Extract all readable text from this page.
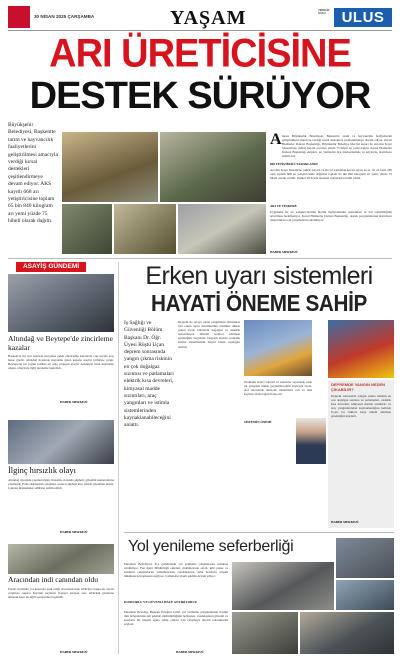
30 NİSAN 2025 ÇARŞAMBA	YAŞAM	YERELİN GÜCÜ	ULUS
ARI ÜRETİCİSİNE
DESTEK SÜRÜYOR
Büyükşehir Belediyesi, Başkentte tarım ve hayvancılık faaliyetlerini geliştirilmesi amacıyla verdiği kırsal destekleri çeşitlendirmeye devam ediyor. AKS kayıtlı 668 arı yetiştiricisine toplam 65 bin 840 kilogram arı yemi yüzde 75 hibeli olarak dağıttı.
A nkara Büyükşehir Belediyesi, Başkent'te tarım ve hayvancılık faaliyetlerini geliştirilmesi amacıyla verdiği kırsal destekleri çeşitlendirmeye devam ediyor. Kırsal Hizmetler Dairesi Başkanlığı, Büyükşehir Belediye Meclisi kararı ile Arıcılık Kayıt Sistemi'nde (AKS) kayıtlı arıcılara yüzde 75 hibeli arı yemi dağıttı. Kırsal Hizmetler Dairesi Başkanlığı ekipleri, arı yemlerini ilçe merkezlerinde ve köylerde, üreticilere teslim etti.
668 YETİŞTİRİCİ YARARLANDI
Arıcılık Kayıt Sistemi'ne (AKS) kayıtlı ve iki yıl içerisinde kovan sayısı en az 10, en fazla 200 olan toplam 668 arı yetiştiricisine dağıtılan toplam 65 bin 840 kilogram arı yemi, yüzde 75 hibeli olarak verildi. Yemler 28 ilçede merkezi noktalarda teslim edildi.
ARI VE TESKERE
Uygulama ile arı yetiştiricilerinin üretim maliyetlerinin azaltılması ve bal verimliliğinin artırılması hedefleniyor. Kırsal Hizmetler Dairesi Başkanlığı, destek programlarının üreticilere ulaştırılması için çalışmalarını sürdürüyor.
HABER MERKEZİ
ASAYİŞ GÜNDEMİ
Altındağ ve Beytepe'de zincirleme kazalar
Başkent'te iki ayrı noktada meydana gelen zincirleme kazalarda çok sayıda araç hasar gördü. Altındağ ilçesinde meydana gelen kazada araçlar birbirine çarptı. Beytepe'de ise yoğun trafikte art arda çarpışan araçlar nedeniyle uzun kuyruklar oluştu. Olaylarla ilgili inceleme başlatıldı.
HABER MERKEZİ
İlginç hırsızlık olayı
Altındağ ilçesinde yaşanan ilginç hırsızlık olayında şüpheli, güvenlik kameralarına yakalandı. Polis ekiplerinin çalışması sonucu şüpheli kısa sürede gözaltına alındı. Çalınan malzemeler sahibine teslim edildi.
HABER MERKEZİ
Aracından indi canından oldu
Polatlı ilçesinde yol kenarına park ettiği aracından inen sürücüye başka bir aracın çarpması sonucu hayatını kaybetti. Kazaya karışan araç sürücüsü gözaltına alınarak kaza ile ilgili soruşturma başlatıldı.
HABER MERKEZİ
Erken uyarı sistemleri
HAYATİ ÖNEME SAHİP
İş Sağlığı ve Güvenliği Bölüm Başkanı Dr. Öğr. Üyesi Rüştü Uçan deprem sonrasında yangın çıkma riskinin en çok doğalgaz sızıntısı ve patlamaları elektrik kısa devreleri, kimyasal madde sızıntıları, araç yangınları ve istimla sistemlerinden kaynaklanabileceğini anlattı.
Deprem ile ortaya çıkan yangınların önlenmesi için erken uyarı sistemlerinin önemine dikkat çeken Uçan, binalarda doğalgaz ve elektrik tesisatlarının düzenli kontrol edilmesi gerektiğini vurguladı. Deprem anında otomatik kesme sistemlerinin hayati önem taşıdığını belirtti.
Otomatik kesici vanalar ve sensörler sayesinde olası bir yangının önüne geçilebileceğini söyleyen Uçan, afet öncesinde alınacak önlemlerin can ve mal kaybını azaltacağını ifade etti.
SİSTEMİN ÖNEMİ
DEPREMDE YANGIN NEDEN ÇIKABİLİR?
Deprem sonrasında yangın çıkma riskinin en çok doğalgaz sızıntısı ve patlamaları, elektrik kısa devreleri, kimyasal madde sızıntıları ve araç yangınlarından kaynaklandığını belirten Uçan, bu risklere karşı önlem alınması gerektiğini kaydetti.
HABER MERKEZİ
Yol yenileme seferberliği
Pursaklar Belediyesi, ilçe genelindeki yol yenileme çalışmalarını aralıksız sürdürüyor. Fen İşleri Müdürlüğü ekipleri, mahallelerde asfalt, kilit parke ve kaldırım çalışmalarını tamamlayarak vatandaşların daha konforlu ulaşım imkânına kavuşmasını sağlıyor. Çalışmalar planlı şekilde devam ediyor.
KONFORLU VE GÜVENLİ HALE GETİRİYORUZ
Pursaklar Belediye Başkanı Ertuğrul Çetin, yol yenileme çalışmalarının ilçenin tüm bölgelerinde eşit şekilde sürdürüldüğünü belirterek, vatandaşların güvenli ve konforlu bir ulaşım ağına sahip olması için çalışmaya devam edeceklerini söyledi.
HABER MERKEZİ
